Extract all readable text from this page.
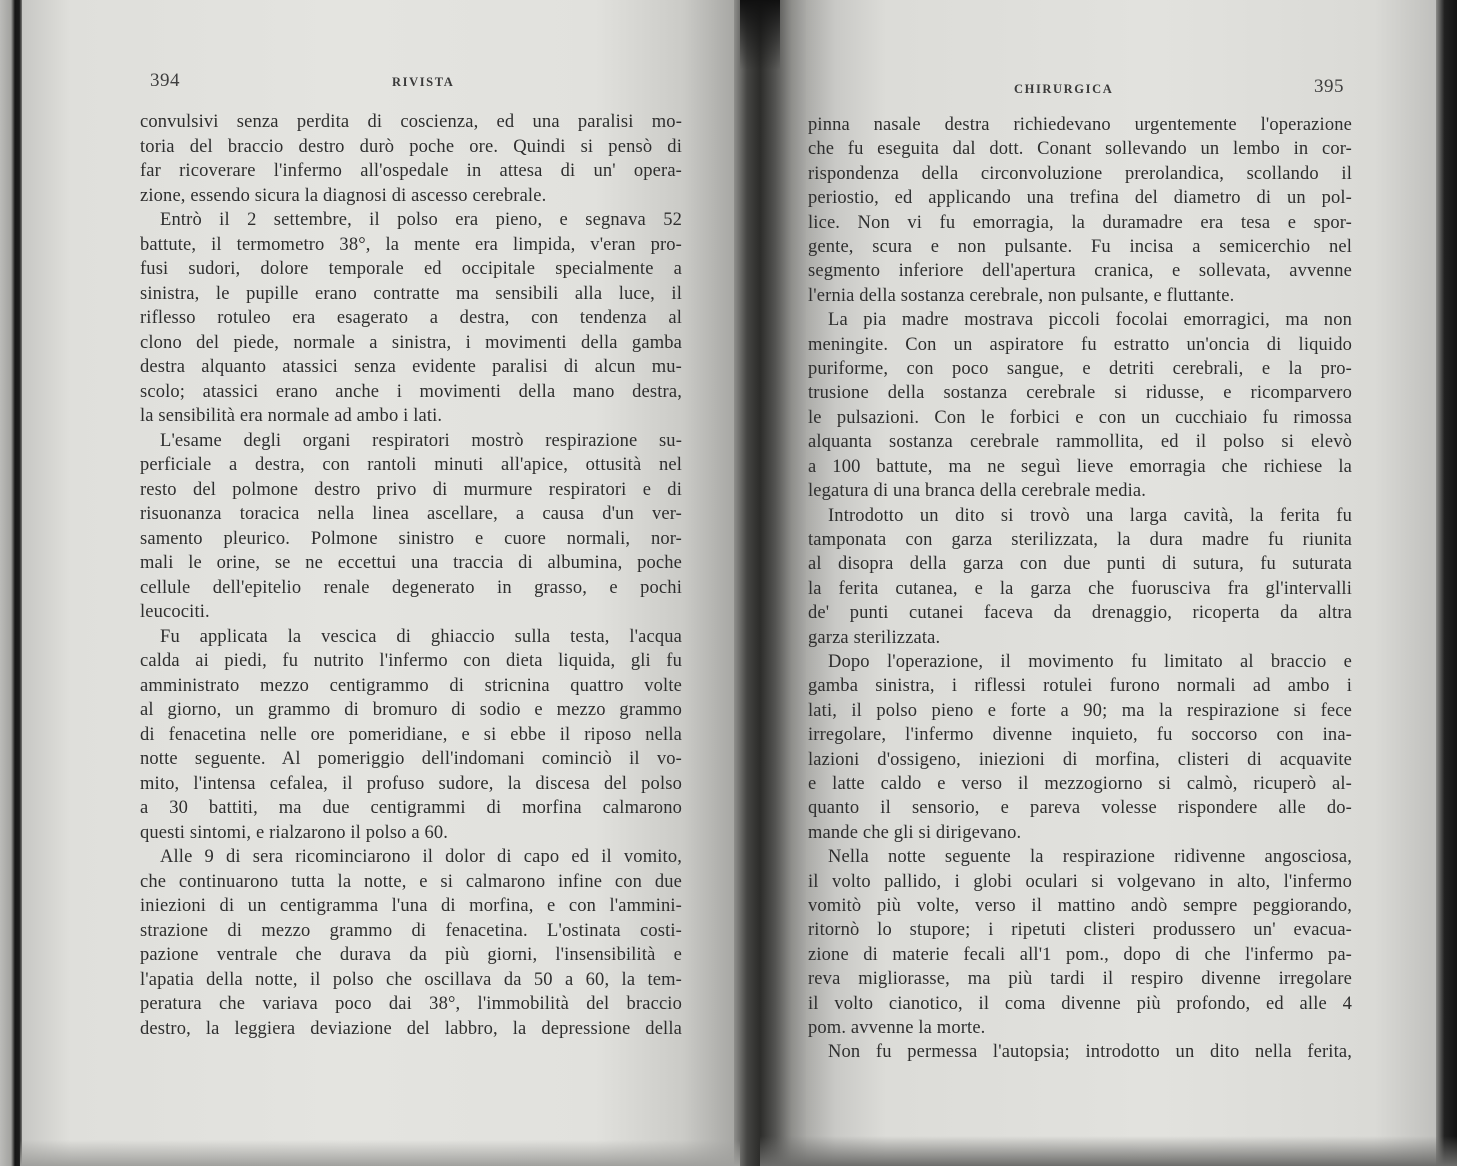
394	RIVISTA
convulsivi senza perdita di coscienza, ed una paralisi mo-
toria del braccio destro durò poche ore. Quindi si pensò di
far ricoverare l'infermo all'ospedale in attesa di un' opera-
zione, essendo sicura la diagnosi di ascesso cerebrale.
Entrò il 2 settembre, il polso era pieno, e segnava 52
battute, il termometro 38°, la mente era limpida, v'eran pro-
fusi sudori, dolore temporale ed occipitale specialmente a
sinistra, le pupille erano contratte ma sensibili alla luce, il
riflesso rotuleo era esagerato a destra, con tendenza al
clono del piede, normale a sinistra, i movimenti della gamba
destra alquanto atassici senza evidente paralisi di alcun mu-
scolo; atassici erano anche i movimenti della mano destra,
la sensibilità era normale ad ambo i lati.
L'esame degli organi respiratori mostrò respirazione su-
perficiale a destra, con rantoli minuti all'apice, ottusità nel
resto del polmone destro privo di murmure respiratori e di
risuonanza toracica nella linea ascellare, a causa d'un ver-
samento pleurico. Polmone sinistro e cuore normali, nor-
mali le orine, se ne eccettui una traccia di albumina, poche
cellule dell'epitelio renale degenerato in grasso, e pochi
leucociti.
Fu applicata la vescica di ghiaccio sulla testa, l'acqua
calda ai piedi, fu nutrito l'infermo con dieta liquida, gli fu
amministrato mezzo centigrammo di stricnina quattro volte
al giorno, un grammo di bromuro di sodio e mezzo grammo
di fenacetina nelle ore pomeridiane, e si ebbe il riposo nella
notte seguente. Al pomeriggio dell'indomani cominciò il vo-
mito, l'intensa cefalea, il profuso sudore, la discesa del polso
a 30 battiti, ma due centigrammi di morfina calmarono
questi sintomi, e rialzarono il polso a 60.
Alle 9 di sera ricominciarono il dolor di capo ed il vomito,
che continuarono tutta la notte, e si calmarono infine con due
iniezioni di un centigramma l'una di morfina, e con l'ammini-
strazione di mezzo grammo di fenacetina. L'ostinata costi-
pazione ventrale che durava da più giorni, l'insensibilità e
l'apatia della notte, il polso che oscillava da 50 a 60, la tem-
peratura che variava poco dai 38°, l'immobilità del braccio
destro, la leggiera deviazione del labbro, la depressione della
CHIRURGICA	395
pinna nasale destra richiedevano urgentemente l'operazione
che fu eseguita dal dott. Conant sollevando un lembo in cor-
rispondenza della circonvoluzione prerolandica, scollando il
periostio, ed applicando una trefina del diametro di un pol-
lice. Non vi fu emorragia, la duramadre era tesa e spor-
gente, scura e non pulsante. Fu incisa a semicerchio nel
segmento inferiore dell'apertura cranica, e sollevata, avvenne
l'ernia della sostanza cerebrale, non pulsante, e fluttante.
La pia madre mostrava piccoli focolai emorragici, ma non
meningite. Con un aspiratore fu estratto un'oncia di liquido
puriforme, con poco sangue, e detriti cerebrali, e la pro-
trusione della sostanza cerebrale si ridusse, e ricomparvero
le pulsazioni. Con le forbici e con un cucchiaio fu rimossa
alquanta sostanza cerebrale rammollita, ed il polso si elevò
a 100 battute, ma ne seguì lieve emorragia che richiese la
legatura di una branca della cerebrale media.
Introdotto un dito si trovò una larga cavità, la ferita fu
tamponata con garza sterilizzata, la dura madre fu riunita
al disopra della garza con due punti di sutura, fu suturata
la ferita cutanea, e la garza che fuorusciva fra gl'intervalli
de' punti cutanei faceva da drenaggio, ricoperta da altra
garza sterilizzata.
Dopo l'operazione, il movimento fu limitato al braccio e
gamba sinistra, i riflessi rotulei furono normali ad ambo i
lati, il polso pieno e forte a 90; ma la respirazione si fece
irregolare, l'infermo divenne inquieto, fu soccorso con ina-
lazioni d'ossigeno, iniezioni di morfina, clisteri di acquavite
e latte caldo e verso il mezzogiorno si calmò, ricuperò al-
quanto il sensorio, e pareva volesse rispondere alle do-
mande che gli si dirigevano.
Nella notte seguente la respirazione ridivenne angosciosa,
il volto pallido, i globi oculari si volgevano in alto, l'infermo
vomitò più volte, verso il mattino andò sempre peggiorando,
ritornò lo stupore; i ripetuti clisteri produssero un' evacua-
zione di materie fecali all'1 pom., dopo di che l'infermo pa-
reva migliorasse, ma più tardi il respiro divenne irregolare
il volto cianotico, il coma divenne più profondo, ed alle 4
pom. avvenne la morte.
Non fu permessa l'autopsia; introdotto un dito nella ferita,
